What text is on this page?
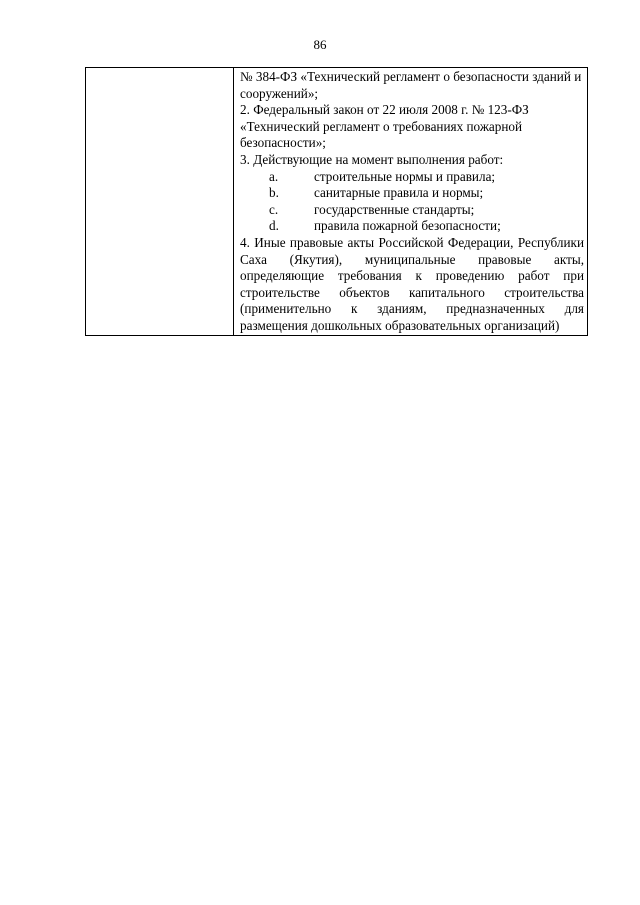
86

№ 384-ФЗ «Технический регламент о безопасности зданий и сооружений»;

2. Федеральный закон от 22 июля 2008 г. № 123-ФЗ «Технический регламент о требованиях пожарной безопасности»;

3. Действующие на момент выполнения работ:

a.	строительные нормы и правила;
b.	санитарные правила и нормы;
c.	государственные стандарты;
d.	правила пожарной безопасности;

4. Иные правовые акты Российской Федерации, Республики Саха (Якутия), муниципальные правовые акты, определяющие требования к проведению работ при строительстве объектов капитального строительства (применительно к зданиям, предназначенных для размещения дошкольных образовательных организаций)
